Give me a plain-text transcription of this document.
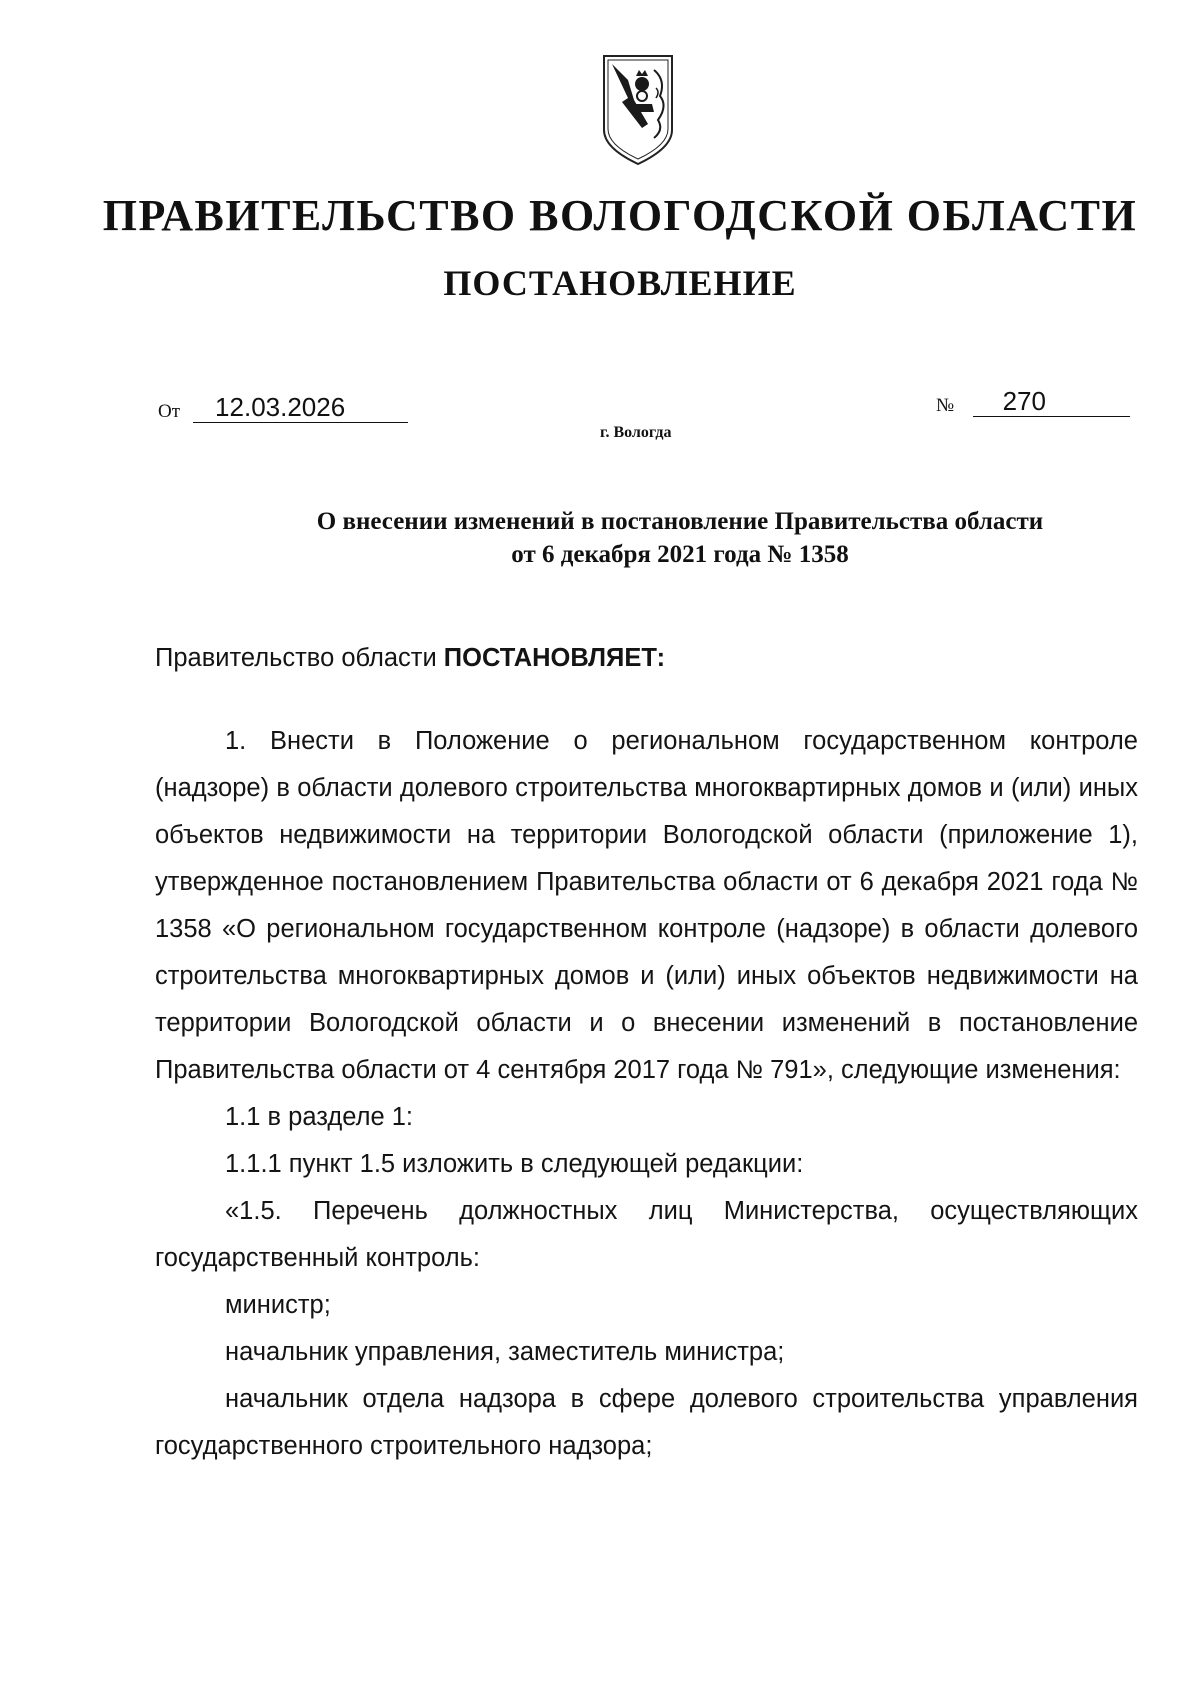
ПРАВИТЕЛЬСТВО ВОЛОГОДСКОЙ ОБЛАСТИ
ПОСТАНОВЛЕНИЕ
От 12.03.2026	№ 270
г. Вологда
О внесении изменений в постановление Правительства области
от 6 декабря 2021 года № 1358

Правительство области ПОСТАНОВЛЯЕТ:

1. Внести в Положение о региональном государственном контроле (надзоре) в области долевого строительства многоквартирных домов и (или) иных объектов недвижимости на территории Вологодской области (приложение 1), утвержденное постановлением Правительства области от 6 декабря 2021 года № 1358 «О региональном государственном контроле (надзоре) в области долевого строительства многоквартирных домов и (или) иных объектов недвижимости на территории Вологодской области и о внесении изменений в постановление Правительства области от 4 сентября 2017 года № 791», следующие изменения:

1.1 в разделе 1:

1.1.1 пункт 1.5 изложить в следующей редакции:

«1.5. Перечень должностных лиц Министерства, осуществляющих государственный контроль:

министр;

начальник управления, заместитель министра;

начальник отдела надзора в сфере долевого строительства управления государственного строительного надзора;
